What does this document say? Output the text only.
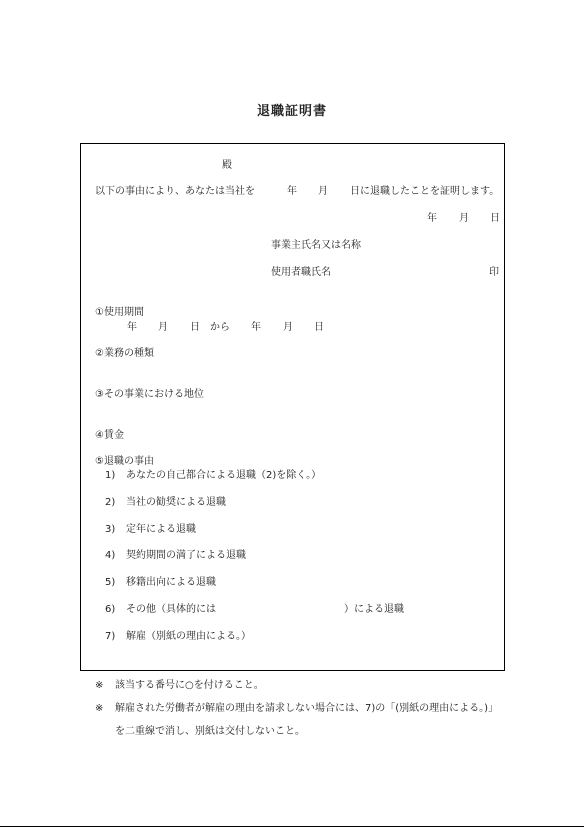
退職証明書
殿
以下の事由により、あなたは当社を	年 月 日に退職したことを証明します。
年 月 日
事業主氏名又は名称
使用者職氏名	印
①使用期間
年 月 日 から 年 月 日
②業務の種類
③その事業における地位
④賃金
⑤退職の事由
1) あなたの自己都合による退職（2)を除く。）
2) 当社の勧奨による退職
3) 定年による退職
4) 契約期間の満了による退職
5) 移籍出向による退職
6) その他（具体的には	）による退職
7) 解雇（別紙の理由による。）
※ 該当する番号に○を付けること。
※ 解雇された労働者が解雇の理由を請求しない場合には、7)の「(別紙の理由による。)」
を二重線で消し、別紙は交付しないこと。
